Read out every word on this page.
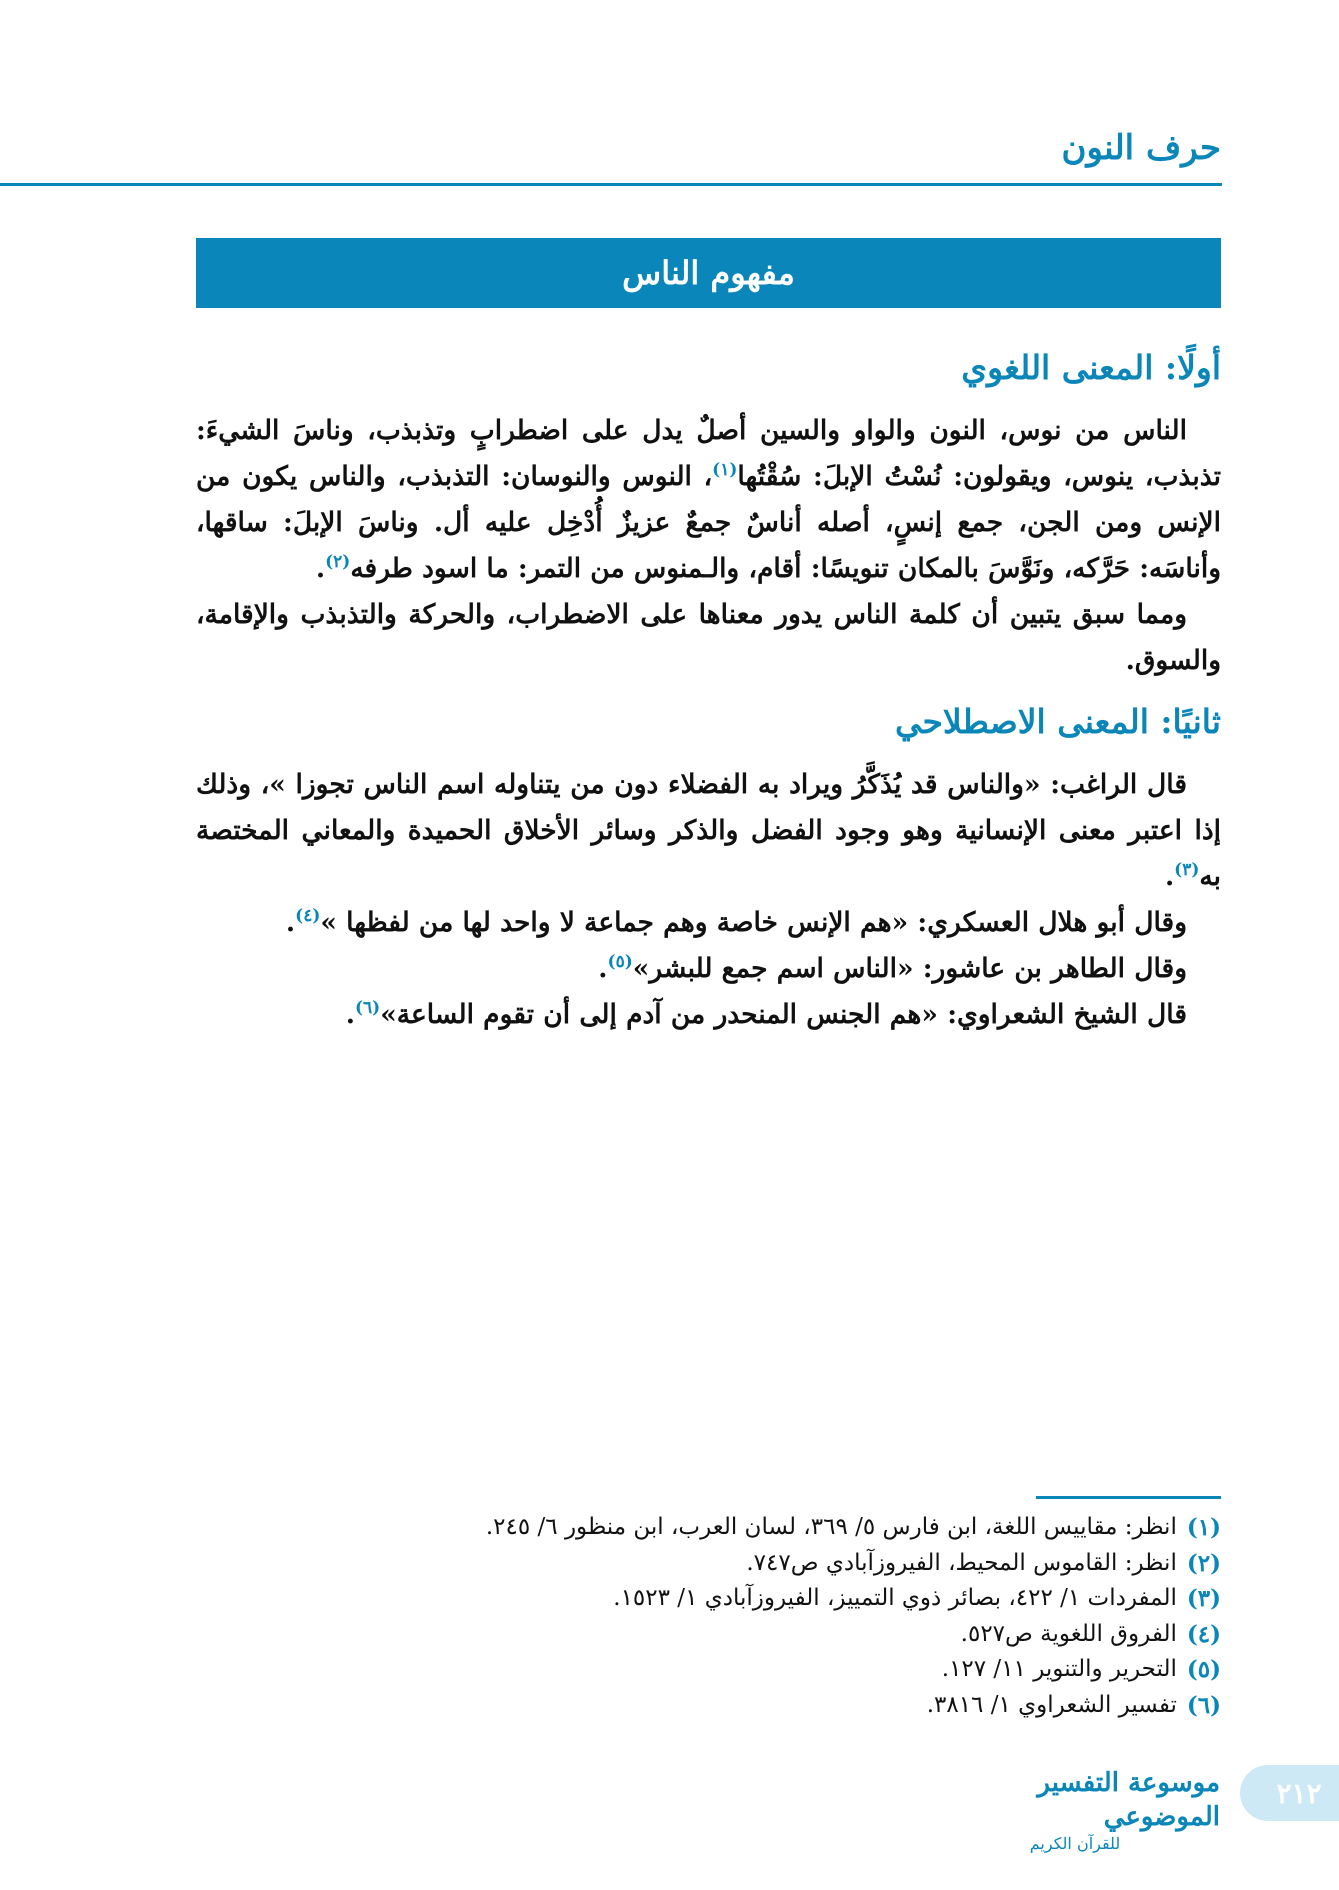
حرف النون
مفهوم الناس
أولًا: المعنى اللغوي

الناس من نوس، النون والواو والسين أصلٌ يدل على اضطرابٍ وتذبذب، وناسَ الشيءَ: تذبذب، ينوس، ويقولون: نُسْتُ الإبلَ: سُقْتُها$^{(١)}$، النوس والنوسان: التذبذب، والناس يكون من الإنس ومن الجن، جمع إنسٍ، أصله أناسٌ جمعٌ عزيزٌ أُدْخِل عليه أل. وناسَ الإبلَ: ساقها، وأناسَه: حَرَّكه، ونَوَّسَ بالمكان تنويسًا: أقام، والـمنوس من التمر: ما اسود طرفه$^{(٢)}$.

ومما سبق يتبين أن كلمة الناس يدور معناها على الاضطراب، والحركة والتذبذب والإقامة، والسوق.

ثانيًا: المعنى الاصطلاحي

قال الراغب: «والناس قد يُذَكَّرُ ويراد به الفضلاء دون من يتناوله اسم الناس تجوزا »، وذلك إذا اعتبر معنى الإنسانية وهو وجود الفضل والذكر وسائر الأخلاق الحميدة والمعاني المختصة به$^{(٣)}$.

وقال أبو هلال العسكري: «هم الإنس خاصة وهم جماعة لا واحد لها من لفظها »$^{(٤)}$.

وقال الطاهر بن عاشور: «الناس اسم جمع للبشر»$^{(٥)}$.

قال الشيخ الشعراوي: «هم الجنس المنحدر من آدم إلى أن تقوم الساعة»$^{(٦)}$.

(١)
انظر: مقاييس اللغة، ابن فارس ٥/ ٣٦٩، لسان العرب، ابن منظور ٦/ ٢٤٥.
(٢)
انظر: القاموس المحيط، الفيروزآبادي ص٧٤٧.
(٣)
المفردات ١/ ٤٢٢، بصائر ذوي التمييز، الفيروزآبادي ١/ ١٥٢٣.
(٤)
الفروق اللغوية ص٥٢٧.
(٥)
التحرير والتنوير ١١/ ١٢٧.
(٦)
تفسير الشعراوي ١/ ٣٨١٦.
موسوعة التفسير الموضوعي
للقرآن الكريم
٢١٢
